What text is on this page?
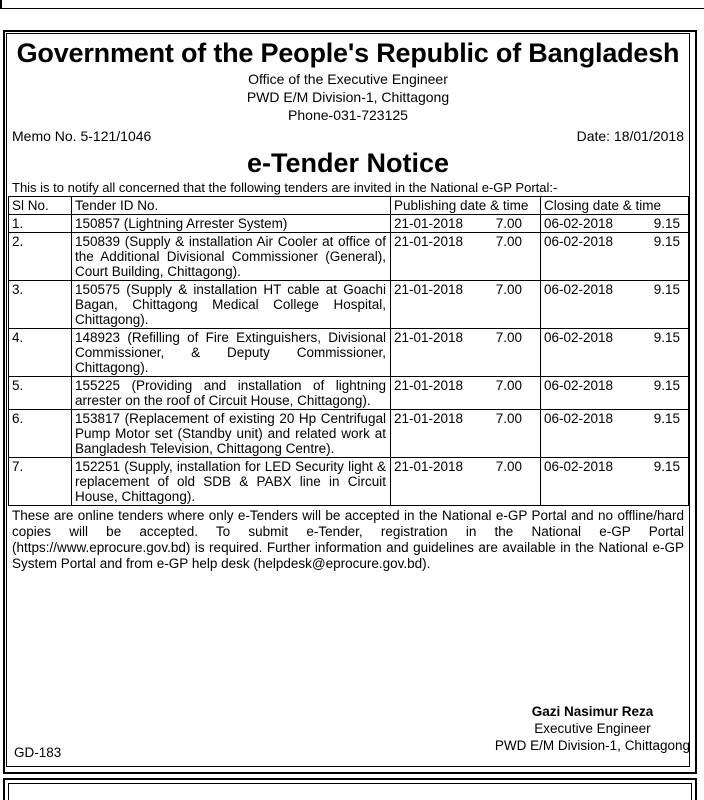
Government of the People's Republic of Bangladesh
Office of the Executive Engineer
PWD E/M Division-1, Chittagong
Phone-031-723125
Memo No. 5-121/1046	Date: 18/01/2018
e-Tender Notice
This is to notify all concerned that the following tenders are invited in the National e-GP Portal:-
Sl No.	Tender ID No.	Publishing date & time	Closing date & time
1.	150857 (Lightning Arrester System)	21-01-2018 7.00	06-02-2018 9.15

2.	150839 (Supply & installation Air Cooler at office of the Additional Divisional Commissioner (General), Court Building, Chittagong).	21-01-2018 7.00	06-02-2018 9.15

3.	150575 (Supply & installation HT cable at Goachi Bagan, Chittagong Medical College Hospital, Chittagong).	21-01-2018 7.00	06-02-2018 9.15

4.	148923 (Refilling of Fire Extinguishers, Divisional Commissioner, & Deputy Commissioner, Chittagong).	21-01-2018 7.00	06-02-2018 9.15

5.	155225 (Providing and installation of lightning arrester on the roof of Circuit House, Chittagong).	21-01-2018 7.00	06-02-2018 9.15

6.	153817 (Replacement of existing 20 Hp Centrifugal Pump Motor set (Standby unit) and related work at Bangladesh Television, Chittagong Centre).	21-01-2018 7.00	06-02-2018 9.15

7.	152251 (Supply, installation for LED Security light & replacement of old SDB & PABX line in Circuit House, Chittagong).	21-01-2018 7.00	06-02-2018 9.15
These are online tenders where only e-Tenders will be accepted in the National e-GP Portal and no offline/hard copies will be accepted. To submit e-Tender, registration in the National e-GP Portal (https://www.eprocure.gov.bd) is required. Further information and guidelines are available in the National e-GP System Portal and from e-GP help desk (helpdesk@eprocure.gov.bd).
Gazi Nasimur Reza
Executive Engineer
PWD E/M Division-1, Chittagong
GD-183
